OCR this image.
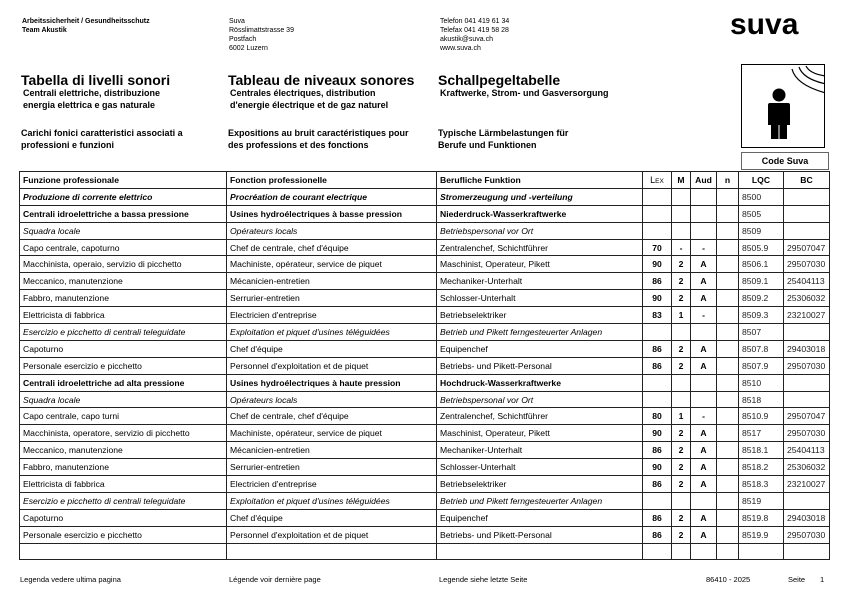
Arbeitssicherheit / Gesundheitsschutz
Team Akustik
Suva
Rösslimattstrasse 39
Postfach
6002 Luzern
Telefon 041 419 61 34
Telefax 041 419 58 28
akustik@suva.ch
www.suva.ch
suva
Tabella di livelli sonori
Centrali elettriche, distribuzione
energia elettrica e gas naturale
Carichi fonici caratteristici associati a
professioni e funzioni
Tableau de niveaux sonores
Centrales électriques, distribution
d'energie électrique et de gaz naturel
Expositions au bruit caractéristiques pour
des professions et des fonctions
Schallpegeltabelle
Kraftwerke, Strom- und Gasversorgung
Typische Lärmbelastungen für
Berufe und Funktionen
Code Suva
Funzione professionale	Fonction professionelle	Berufliche Funktion	LEX	M	Aud	n	LQC	BC
Produzione di corrente elettrico	Procréation de courant electrique	Stromerzeugung und -verteilung					8500	
Centrali idroelettriche a bassa pressione	Usines hydroélectriques à basse pression	Niederdruck-Wasserkraftwerke					8505	
Squadra locale	Opérateurs locals	Betriebspersonal vor Ort					8509	
Capo centrale, capoturno	Chef de centrale, chef d'équipe	Zentralenchef, Schichtführer	70	-	-		8505.9	29507047
Macchinista, operaio, servizio di picchetto	Machiniste, opérateur, service de piquet	Maschinist, Operateur, Pikett	90	2	A		8506.1	29507030
Meccanico, manutenzione	Mécanicien-entretien	Mechaniker-Unterhalt	86	2	A		8509.1	25404113
Fabbro, manutenzione	Serrurier-entretien	Schlosser-Unterhalt	90	2	A		8509.2	25306032
Elettricista di fabbrica	Electricien d'entreprise	Betriebselektriker	83	1	-		8509.3	23210027
Esercizio e picchetto di centrali teleguidate	Exploitation et piquet d'usines téléguidées	Betrieb und Pikett ferngesteuerter Anlagen					8507	
Capoturno	Chef d'équipe	Equipenchef	86	2	A		8507.8	29403018
Personale esercizio e picchetto	Personnel d'exploitation et de piquet	Betriebs- und Pikett-Personal	86	2	A		8507.9	29507030
Centrali idroelettriche ad alta pressione	Usines hydroélectriques à haute pression	Hochdruck-Wasserkraftwerke					8510	
Squadra locale	Opérateurs locals	Betriebspersonal vor Ort					8518	
Capo centrale, capo turni	Chef de centrale, chef d'équipe	Zentralenchef, Schichtführer	80	1	-		8510.9	29507047
Macchinista, operatore, servizio di picchetto	Machiniste, opérateur, service de piquet	Maschinist, Operateur, Pikett	90	2	A		8517	29507030
Meccanico, manutenzione	Mécanicien-entretien	Mechaniker-Unterhalt	86	2	A		8518.1	25404113
Fabbro, manutenzione	Serrurier-entretien	Schlosser-Unterhalt	90	2	A		8518.2	25306032
Elettricista di fabbrica	Electricien d'entreprise	Betriebselektriker	86	2	A		8518.3	23210027
Esercizio e picchetto di centrali teleguidate	Exploitation et piquet d'usines téléguidées	Betrieb und Pikett ferngesteuerter Anlagen					8519	
Capoturno	Chef d'équipe	Equipenchef	86	2	A		8519.8	29403018
Personale esercizio e picchetto	Personnel d'exploitation et de piquet	Betriebs- und Pikett-Personal	86	2	A		8519.9	29507030

Legenda vedere ultima pagina	Légende voir dernière page	Legende siehe letzte Seite	86410 - 2025	Seite 1
